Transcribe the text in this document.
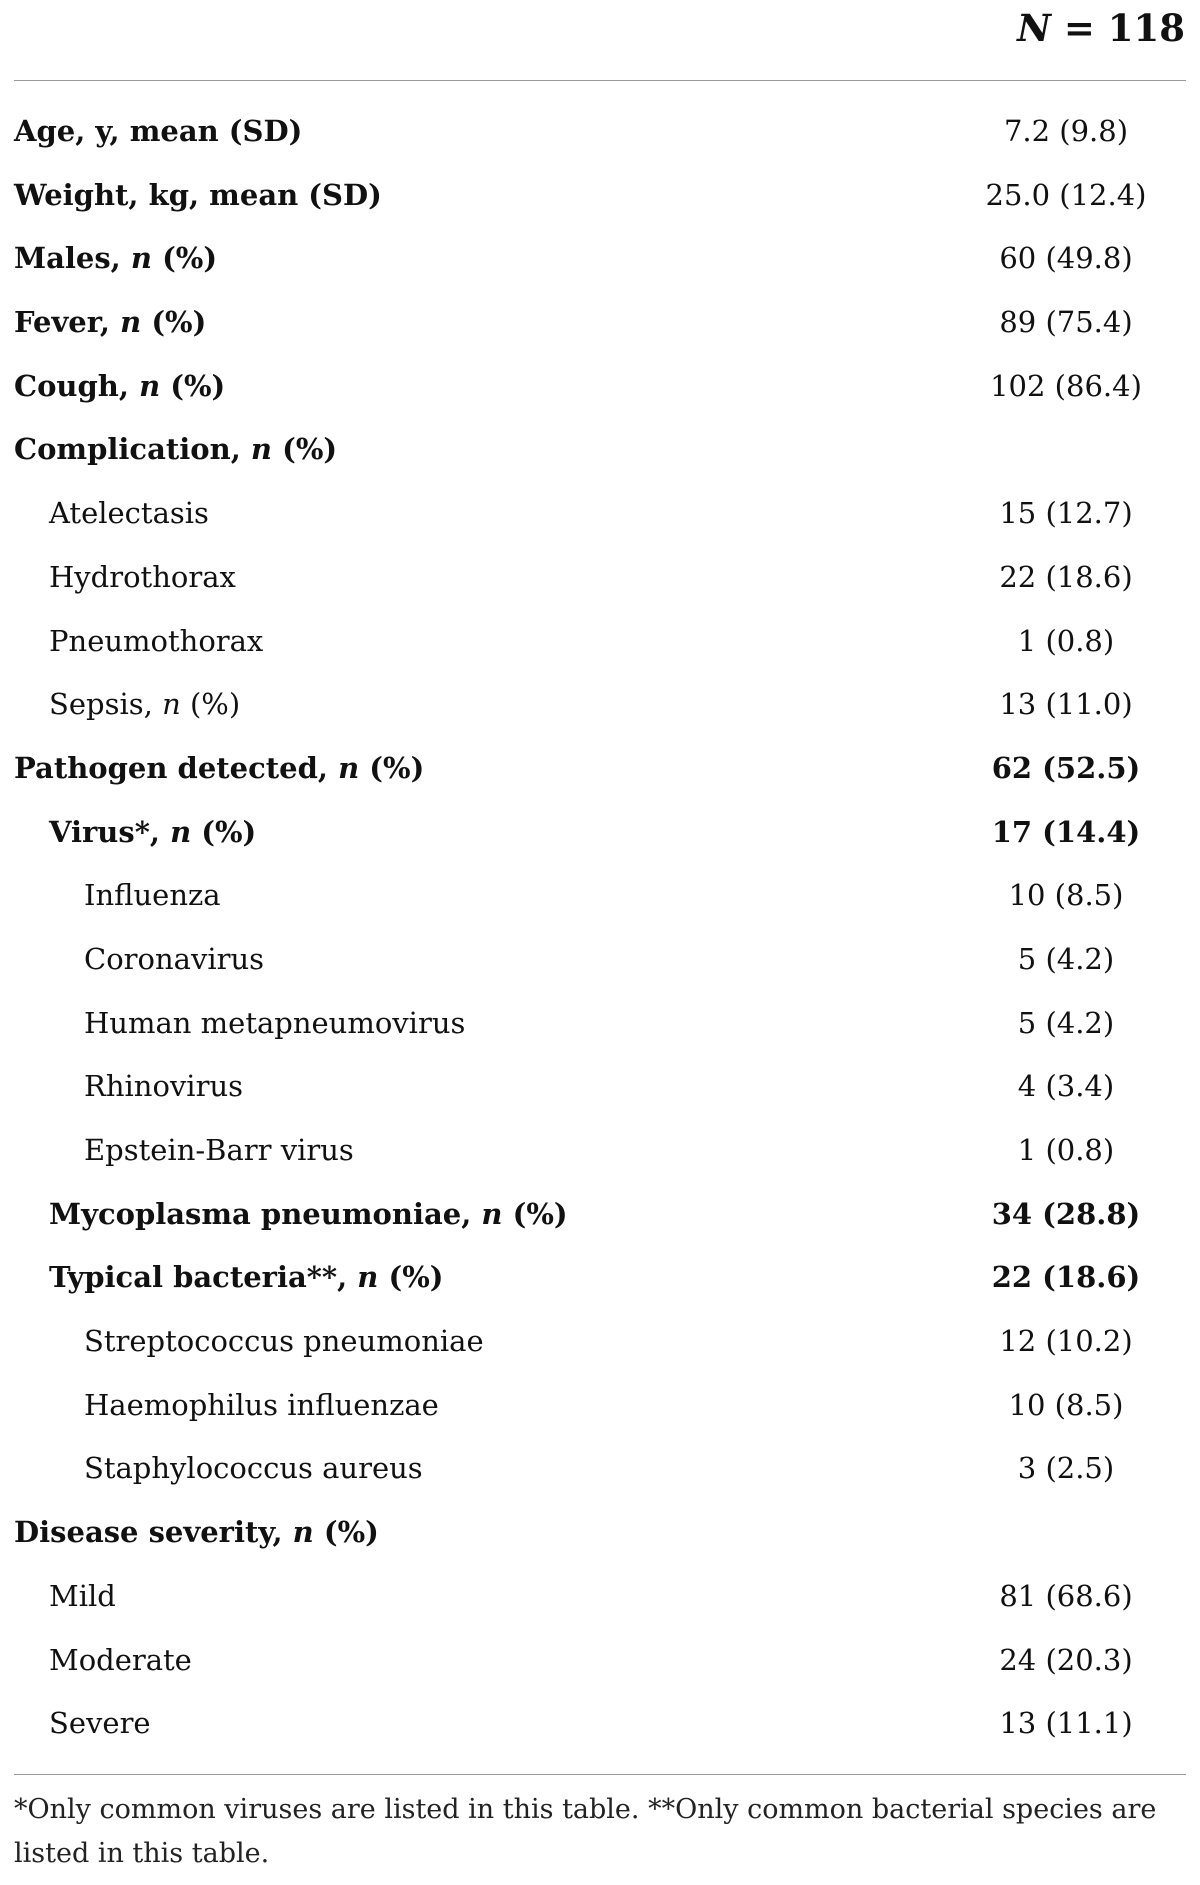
N = 118
Age, y, mean (SD)	7.2 (9.8)
Weight, kg, mean (SD)	25.0 (12.4)
Males, n (%)	60 (49.8)
Fever, n (%)	89 (75.4)
Cough, n (%)	102 (86.4)
Complication, n (%)
Atelectasis	15 (12.7)
Hydrothorax	22 (18.6)
Pneumothorax	1 (0.8)
Sepsis, n (%)	13 (11.0)
Pathogen detected, n (%)	62 (52.5)
Virus*, n (%)	17 (14.4)
Influenza	10 (8.5)
Coronavirus	5 (4.2)
Human metapneumovirus	5 (4.2)
Rhinovirus	4 (3.4)
Epstein-Barr virus	1 (0.8)
Mycoplasma pneumoniae, n (%)	34 (28.8)
Typical bacteria**, n (%)	22 (18.6)
Streptococcus pneumoniae	12 (10.2)
Haemophilus influenzae	10 (8.5)
Staphylococcus aureus	3 (2.5)
Disease severity, n (%)
Mild	81 (68.6)
Moderate	24 (20.3)
Severe	13 (11.1)
*Only common viruses are listed in this table. **Only common bacterial species are listed in this table.
